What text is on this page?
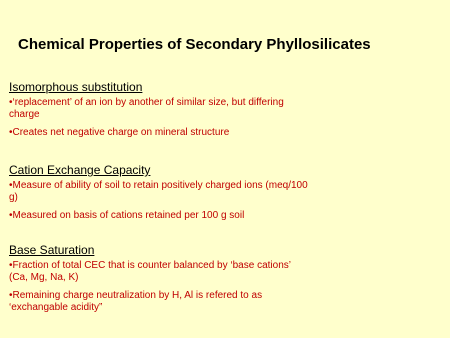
Chemical Properties of Secondary Phyllosilicates
Isomorphous substitution
•‘replacement’ of an ion by another of similar size, but differing charge
•Creates net negative charge on mineral structure
Cation Exchange Capacity
•Measure of ability of soil to retain positively charged ions (meq/100 g)
•Measured on basis of cations retained per 100 g soil
Base Saturation
•Fraction of total CEC that is counter balanced by ‘base cations’ (Ca, Mg, Na, K)
•Remaining charge neutralization by H, Al is refered to as ‘exchangable acidity”
